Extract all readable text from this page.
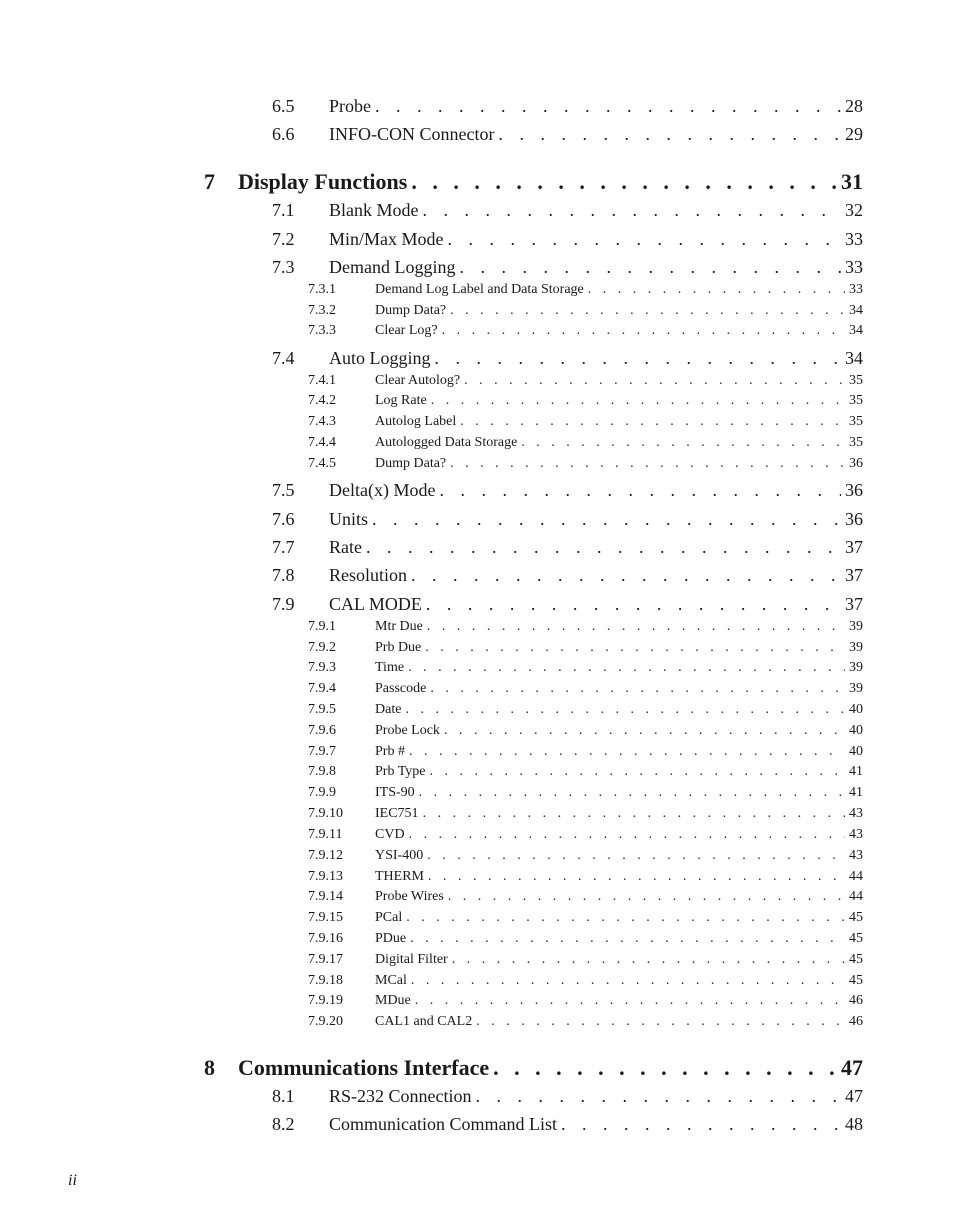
6.5	Probe . . .	28
6.6	INFO-CON Connector . . .	29
7	Display Functions . . .	31
7.1	Blank Mode . . .	32
7.2	Min/Max Mode . . .	33
7.3	Demand Logging . . .	33
7.3.1	Demand Log Label and Data Storage . . .	33
7.3.2	Dump Data? . . .	34
7.3.3	Clear Log? . . .	34
7.4	Auto Logging . . .	34
7.4.1	Clear Autolog? . . .	35
7.4.2	Log Rate . . .	35
7.4.3	Autolog Label . . .	35
7.4.4	Autologged Data Storage . . .	35
7.4.5	Dump Data? . . .	36
7.5	Delta(x) Mode . . .	36
7.6	Units . . .	36
7.7	Rate . . .	37
7.8	Resolution . . .	37
7.9	CAL MODE . . .	37
7.9.1	Mtr Due . . .	39
7.9.2	Prb Due . . .	39
7.9.3	Time . . .	39
7.9.4	Passcode . . .	39
7.9.5	Date . . .	40
7.9.6	Probe Lock . . .	40
7.9.7	Prb # . . .	40
7.9.8	Prb Type . . .	41
7.9.9	ITS-90 . . .	41
7.9.10	IEC751 . . .	43
7.9.11	CVD . . .	43
7.9.12	YSI-400 . . .	43
7.9.13	THERM . . .	44
7.9.14	Probe Wires . . .	44
7.9.15	PCal . . .	45
7.9.16	PDue . . .	45
7.9.17	Digital Filter . . .	45
7.9.18	MCal . . .	45
7.9.19	MDue . . .	46
7.9.20	CAL1 and CAL2 . . .	46
8	Communications Interface . . .	47
8.1	RS-232 Connection . . .	47
8.2	Communication Command List . . .	48
ii
